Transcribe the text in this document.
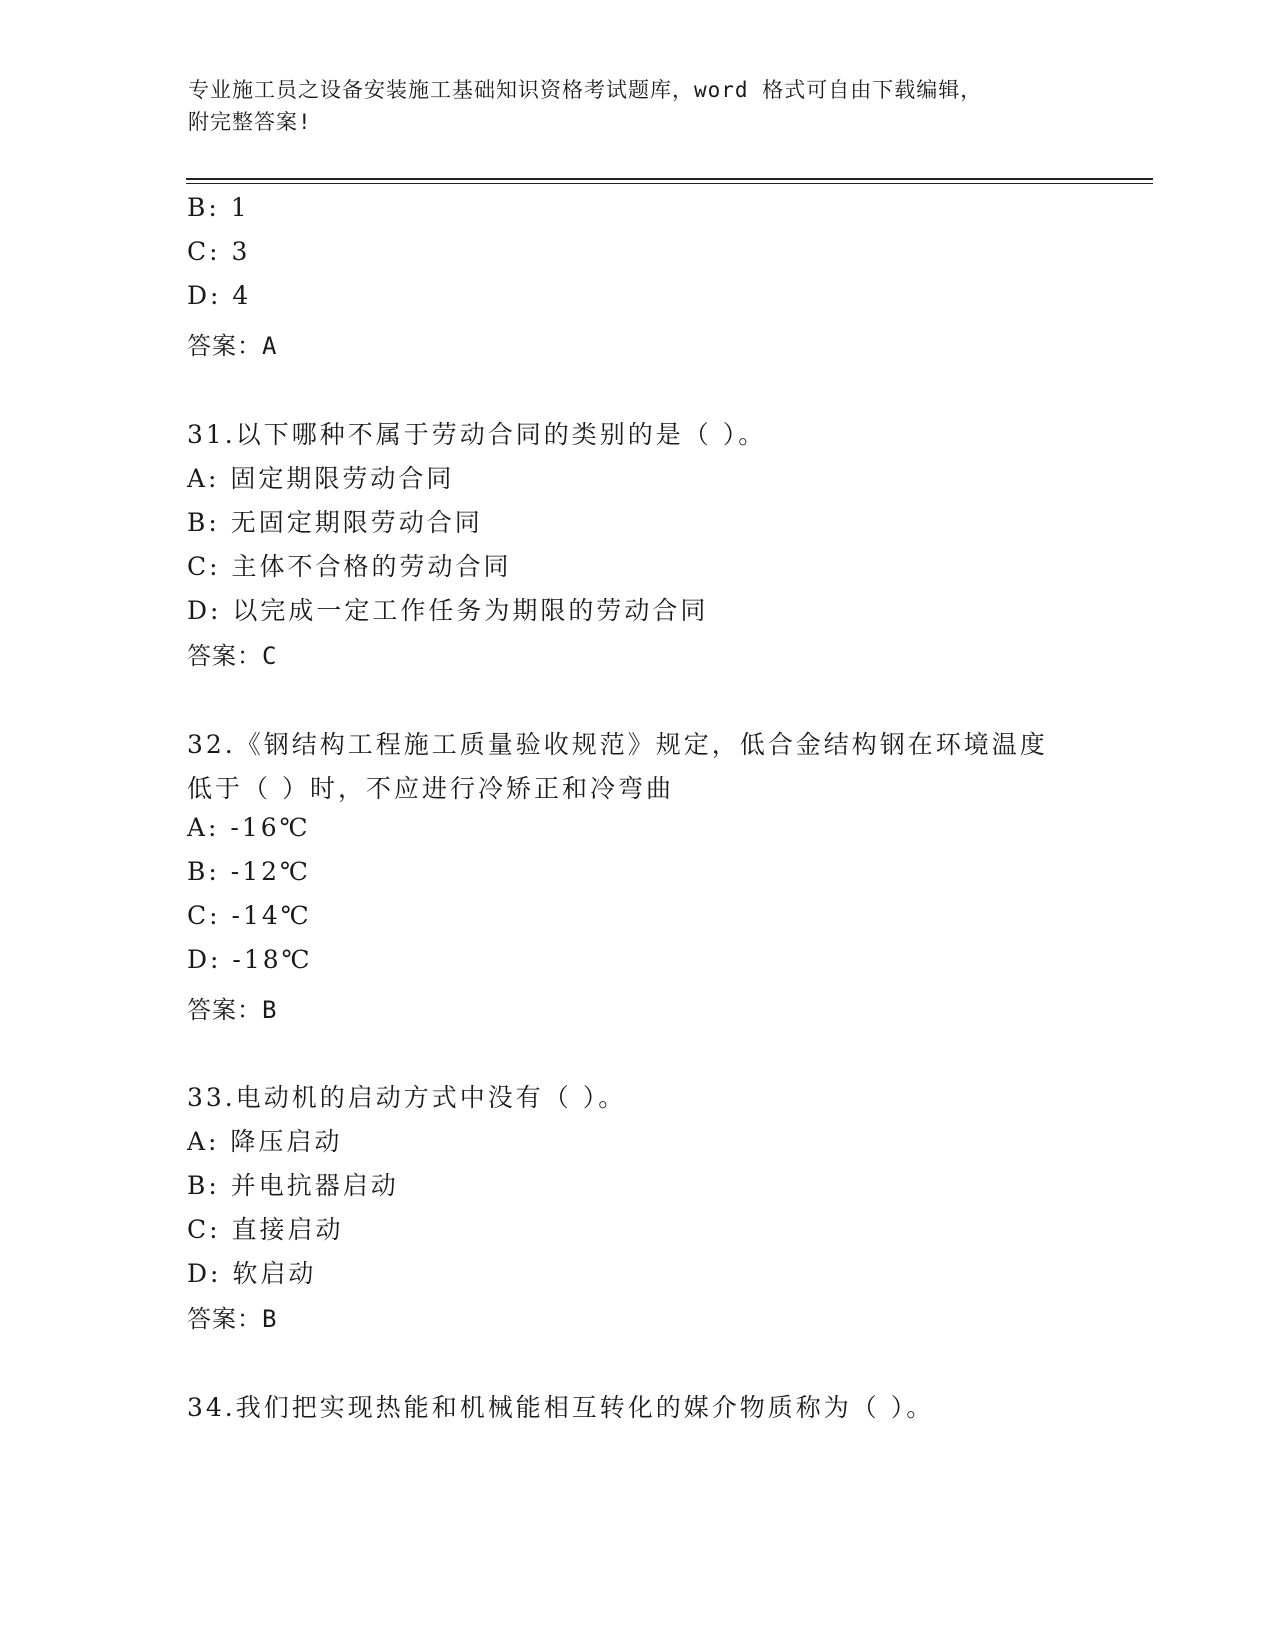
专业施工员之设备安装施工基础知识资格考试题库，word 格式可自由下载编辑，
附完整答案!
B: 1
C: 3
D: 4
答案：A
31.以下哪种不属于劳动合同的类别的是（ ）。
A: 固定期限劳动合同
B: 无固定期限劳动合同
C: 主体不合格的劳动合同
D: 以完成一定工作任务为期限的劳动合同
答案：C
32.《钢结构工程施工质量验收规范》规定，低合金结构钢在环境温度
低于（ ）时，不应进行冷矫正和冷弯曲
A: -16℃
B: -12℃
C: -14℃
D: -18℃
答案：B
33.电动机的启动方式中没有（ ）。
A: 降压启动
B: 并电抗器启动
C: 直接启动
D: 软启动
答案：B
34.我们把实现热能和机械能相互转化的媒介物质称为（ ）。
